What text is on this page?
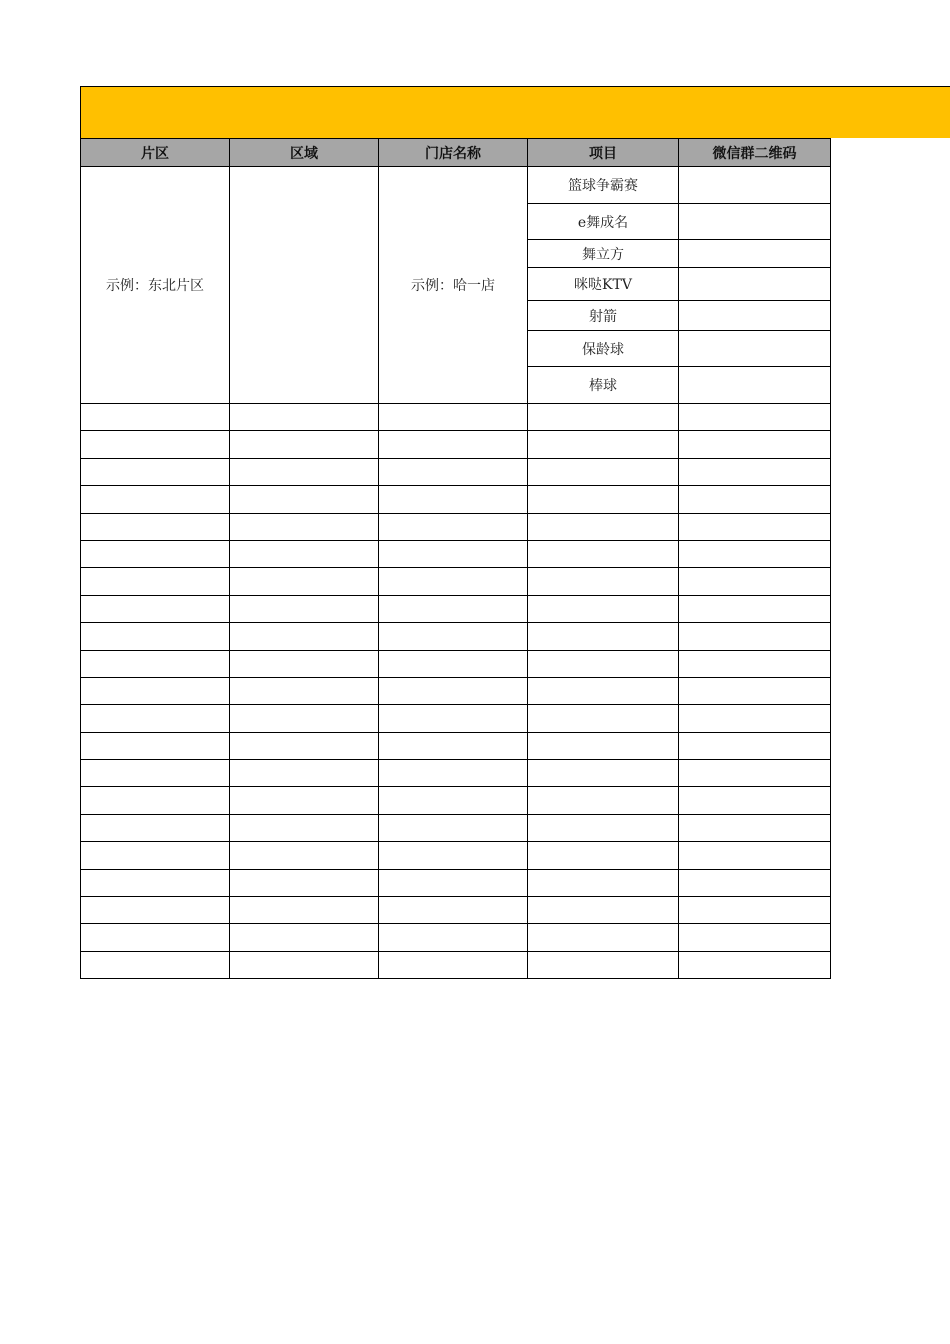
片区	区域	门店名称	项目	微信群二维码
示例：东北片区		示例：哈一店	篮球争霸赛	
			e舞成名	
			舞立方	
			咪哒KTV	
			射箭	
			保龄球	
			棒球	
